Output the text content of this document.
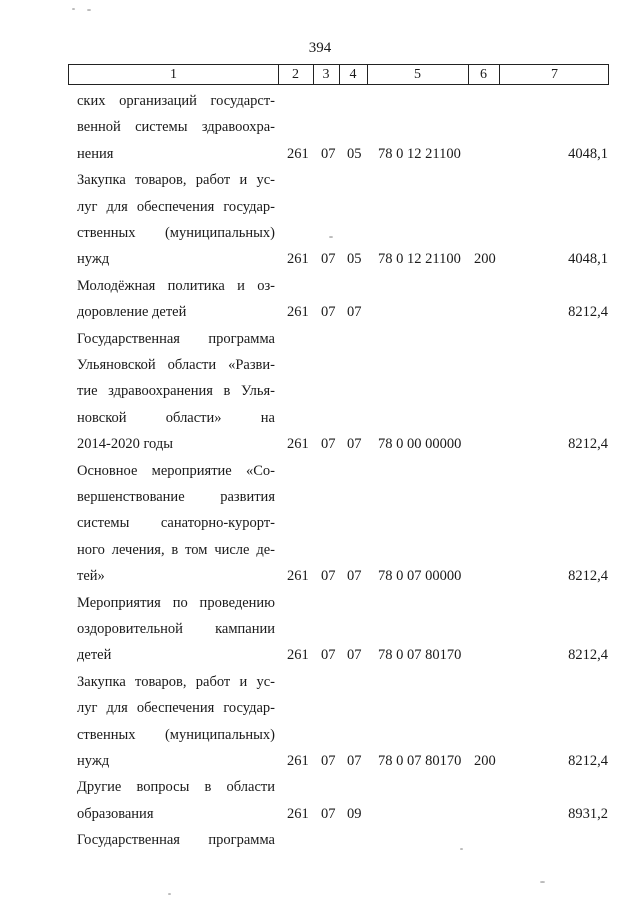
394
1	2	3	4	5	6	7
ских организаций государст-
венной системы здравоохра-
нения	261 07 05 78 0 12 21100	4048,1
Закупка товаров, работ и ус-
луг для обеспечения государ-
ственных (муниципальных)
нужд	261 07 05 78 0 12 21100 200	4048,1
Молодёжная политика и оз-
доровление детей	261 07 07	8212,4
Государственная программа
Ульяновской области «Разви-
тие здравоохранения в Улья-
новской области» на
2014-2020 годы	261 07 07 78 0 00 00000	8212,4
Основное мероприятие «Со-
вершенствование развития
системы санаторно-курорт-
ного лечения, в том числе де-
тей»	261 07 07 78 0 07 00000	8212,4
Мероприятия по проведению
оздоровительной кампании
детей	261 07 07 78 0 07 80170	8212,4
Закупка товаров, работ и ус-
луг для обеспечения государ-
ственных (муниципальных)
нужд	261 07 07 78 0 07 80170 200	8212,4
Другие вопросы в области
образования	261 07 09	8931,2
Государственная программа
